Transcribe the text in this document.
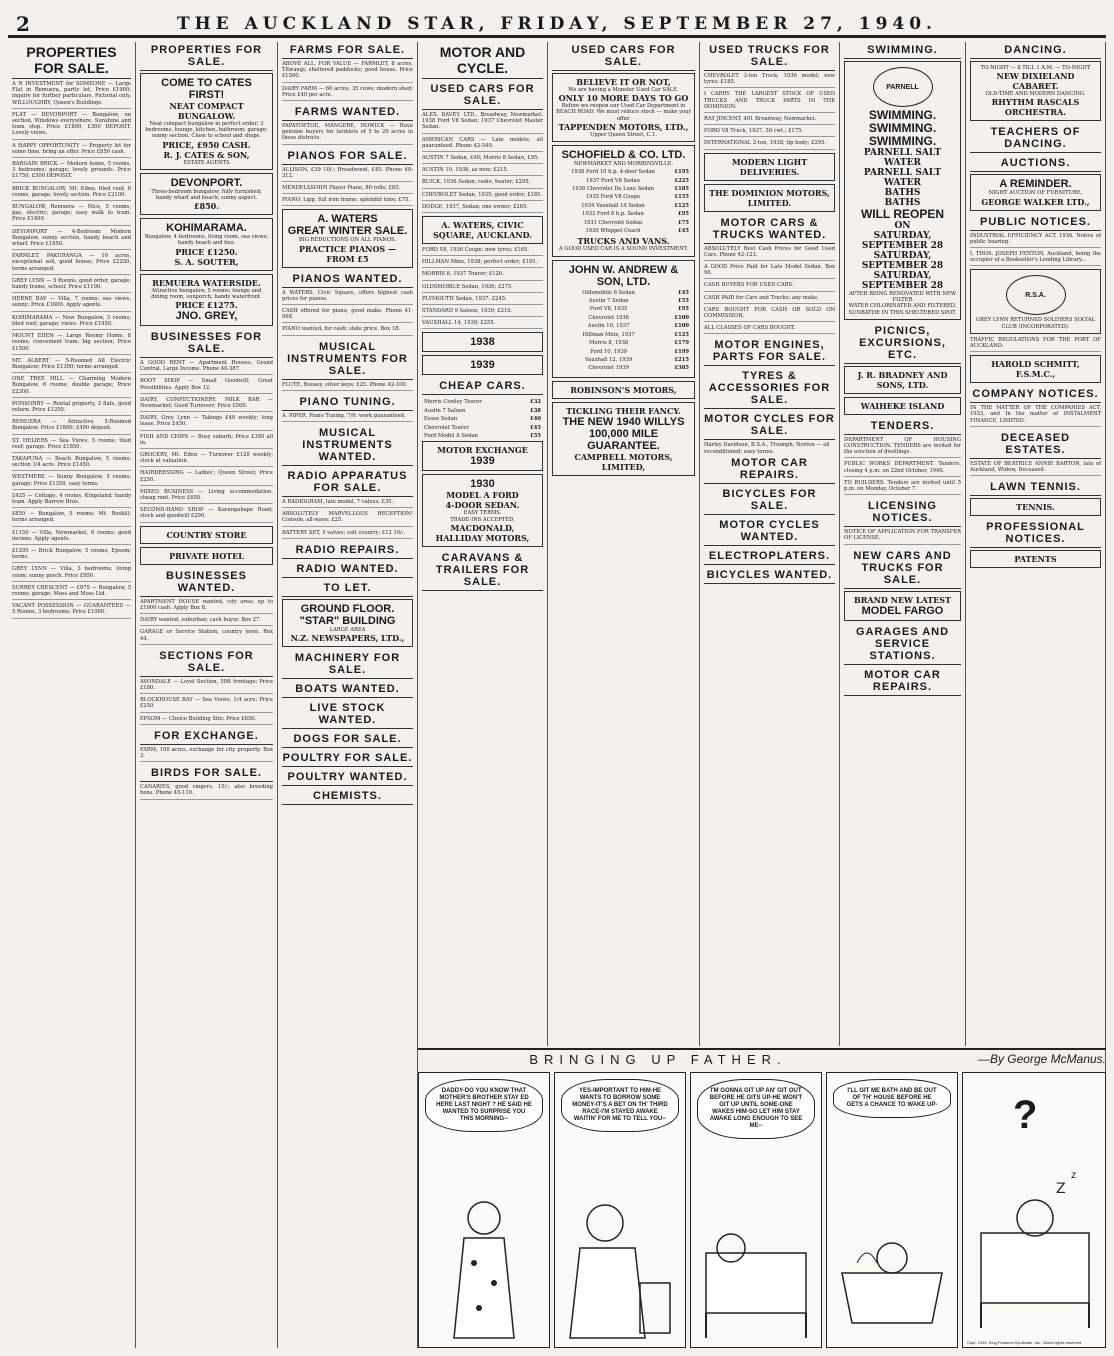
2	THE AUCKLAND STAR, FRIDAY, SEPTEMBER 27, 1940.
PROPERTIES FOR SALE.
A N INVESTMENT for SOMEONE — Large Flat in Remuera, partly let, Price £1900; inquire for further particulars. Pictorial only. WILLOUGHBY, Queen's Buildings.
FLAT — DEVONPORT — Bungalow, on section, Windows everywhere. Sunshine and tram stop. Price £1800, £300 DEPOSIT. Lovely views.
A HAPPY OPPORTUNITY — Property let for some time; bring an offer. Price £850 cash.
BARGAIN BRICK — Modern home, 5 rooms, 3 bedrooms; garage; lovely grounds. Price £1750, £500 DEPOSIT.
BRICK BUNGALOW, Mt. Eden; tiled roof, 6 rooms, garage; lovely section. Price £2100.
BUNGALOW, Remuera — Nice, 5 rooms, gas, electric; garage; easy walk to tram. Price £1400.
DEVONPORT — 4-Bedroom Modern Bungalow, sunny section, handy beach and wharf. Price £1650.
FARMLET, PAKURANGA — 10 acres, exceptional soil, good house; Price £2250, terms arranged.
GREY LYNN — 5 Rooms, good order, garage; handy trams, school; Price £1100.
HERNE BAY — Villa, 7 rooms; sea views, sunny; Price £1600. Apply agents.
KOHIMARAMA — New Bungalow, 5 rooms; tiled roof; garage; views. Price £1950.
MOUNT EDEN — Large Roomy Home, 8 rooms; convenient tram; big section; Price £1500.
MT. ALBERT — 5-Roomed All Electric Bungalow; Price £1300; terms arranged.
ONE TREE HILL — Charming Modern Bungalow, 6 rooms; double garage; Price £2300.
PONSONBY — Rental property, 2 flats, good return. Price £1250.
REMUERA — Attractive 5-Roomed Bungalow. Price £1800; £400 deposit.
ST. HELIERS — Sea Views, 5 rooms; tiled roof; garage. Price £1850.
TAKAPUNA — Beach Bungalow, 5 rooms; section 1/4 acre. Price £1450.
WESTMERE — Sunny Bungalow, 5 rooms; garage; Price £1350, easy terms.
£425 — Cottage, 4 rooms, Kingsland; handy tram. Apply Barrow Bros.
£850 — Bungalow, 5 rooms; Mt. Roskill; terms arranged.
£1150 — Villa, Newmarket, 6 rooms; good income. Apply agents.
£1295 — Brick Bungalow, 5 rooms; Epsom; terms.
GREY LYNN — Villa, 3 bedrooms; living room; sunny porch. Price £950.
SURREY CRESCENT — £975 — Bungalow, 5 rooms; garage; Moss and Moss Ltd.
VACANT POSSESSION — GUARANTEED — 5 Rooms, 3 bedrooms; Price £1000.
PROPERTIES FOR SALE.
COME TO CATES FIRST!
NEAT COMPACT BUNGALOW.
Neat compact bungalow in perfect order; 3 bedrooms, lounge, kitchen, bathroom; garage; sunny section. Close to school and shops.
PRICE, £950 CASH.
R. J. CATES & SON,
ESTATE AGENTS
DEVONPORT.
Three-bedroom bungalow, fully furnished; handy wharf and beach; sunny aspect.
£850.
KOHIMARAMA.
Bungalow, 4 bedrooms, living room, sea views; handy beach and bus.
PRICE £1250.
S. A. SOUTER,
REMUERA WATERSIDE.
Attractive bungalow, 5 rooms; lounge and dining room, sunporch; handy waterfront.
PRICE £1275.
JNO. GREY,
BUSINESSES FOR SALE.
A GOOD RENT — Apartment Houses, Grand Central, Large Income. Phone 40-387.
BOOT SHOP — Small Goodwill; Great Possibilities. Apply Box 12.
DAIRY, CONFECTIONERY, MILK BAR — Newmarket; Good Turnover; Price £500.
DAIRY, Grey Lynn — Takings £40 weekly; long lease. Price £450.
FISH AND CHIPS — Busy suburb; Price £350 all in.
GROCERY, Mt. Eden — Turnover £120 weekly; stock at valuation.
HAIRDRESSING — Ladies'; Queen Street; Price £250.
MIXED BUSINESS — Living accommodation, cheap rent. Price £650.
SECOND-HAND SHOP — Karangahape Road; stock and goodwill £200.
COUNTRY STORE
PRIVATE HOTEL
BUSINESSES WANTED.
APARTMENT HOUSE wanted, city area; up to £1000 cash. Apply Box 8.
DAIRY wanted, suburban; cash buyer. Box 27.
GARAGE or Service Station, country town. Box 44.
SECTIONS FOR SALE.
AVONDALE — Level Section, 50ft frontage; Price £180.
BLOCKHOUSE BAY — Sea Views, 1/4 acre; Price £250.
EPSOM — Choice Building Site; Price £650.
FOR EXCHANGE.
FARM, 100 acres, exchange for city property. Box 3.
BIRDS FOR SALE.
CANARIES, good singers, 15/-; also breeding hens. Phone 45-110.
FARMS FOR SALE.
ABOVE ALL, FOR VALUE — FARMLET, 8 acres, Titirangi; sheltered paddocks; good house. Price £1500.
DAIRY FARM — 60 acres; 35 cows; modern shed; Price £40 per acre.
FARMS WANTED.
PAPATOETOE, MANGERE, HOWICK — Have genuine buyers for farmlets of 5 to 20 acres in these districts.
PIANOS FOR SALE.
ALLISON, £39 10/-; Broadwood, £45. Phone 40-312.
MENDELSSOHN Player Piano, 80 rolls; £85.
PIANO, Lipp, full iron frame; splendid tone; £75.
A. WATERS
GREAT WINTER SALE.
BIG REDUCTIONS ON ALL PIANOS.
PRACTICE PIANOS — FROM £5
PIANOS WANTED.
A WATERS, Civic Square, offers highest cash prices for pianos.
CASH offered for piano, good make. Phone 41-998.
PIANO wanted, for cash; state price. Box 18.
MUSICAL INSTRUMENTS FOR SALE.
FLUTE, Boosey, silver keys; £25. Phone 42-100.
PIANO TUNING.
A. PIPER, Piano Tuning, 7/6; work guaranteed.
MUSICAL INSTRUMENTS WANTED.
RADIO APPARATUS FOR SALE.
A RADIOGRAM, late model, 7 valves; £35.
ABSOLUTELY MARVELLOUS RECEPTION! Console, all-wave; £25.
BATTERY SET, 5 valves; suit country; £12 10/-.
RADIO REPAIRS.
RADIO WANTED.
TO LET.
GROUND FLOOR.
"STAR" BUILDING
LARGE AREA
N.Z. NEWSPAPERS, LTD.,
MACHINERY FOR SALE.
BOATS WANTED.
LIVE STOCK WANTED.
DOGS FOR SALE.
POULTRY FOR SALE.
POULTRY WANTED.
CHEMISTS.
MOTOR AND CYCLE.
USED CARS FOR SALE.
ALEX. DAVEY, LTD., Broadway, Newmarket. 1938 Ford V8 Sedan; 1937 Chevrolet Master Sedan.
AMERICAN CARS — Late models; all guaranteed. Phone 42-540.
AUSTIN 7 Sedan, £40; Morris 8 Sedan, £95.
AUSTIN 10, 1938, as new; £215.
BUICK, 1936 Sedan; radio, heater; £295.
CHEVROLET Sedan, 1935; good order; £185.
DODGE, 1937, Sedan; one owner; £265.
A. WATERS, CIVIC SQUARE, AUCKLAND.
FORD V8, 1936 Coupe; new tyres; £165.
HILLMAN Minx, 1938; perfect order; £195.
MORRIS 8, 1937 Tourer; £120.
OLDSMOBILE Sedan, 1936; £275.
PLYMOUTH Sedan, 1937; £245.
STANDARD 9 Saloon, 1939; £210.
VAUXHALL 14, 1938; £255.
1938
1939
CHEAP CARS.
Morris Cowley Tourer	£32
Austin 7 Saloon	£38
Essex Sedan	£40
Chevrolet Tourer	£45
Ford Model A Sedan	£55
MOTOR EXCHANGE
1939
1930
MODEL A FORD
4-DOOR SEDAN.
EASY TERMS.
TRADE-INS ACCEPTED.
MACDONALD, HALLIDAY MOTORS,
CARAVANS & TRAILERS FOR SALE.
USED CARS FOR SALE.
BELIEVE IT OR NOT,
We are having a Monster Used Car SALE.
ONLY 10 MORE DAYS TO GO
Before we reopen our Used Car Department in BEACH ROAD. We must reduce stock — make your offer.
TAPPENDEN MOTORS, LTD.,
Upper Queen Street, C.1.
SCHOFIELD & CO. LTD.
NEWMARKET AND MORRINSVILLE.
1938 Ford 10 h.p. 4-door Sedan	£195
1937 Ford V8 Sedan	£225
1936 Chevrolet De Luxe Sedan	£185
1935 Ford V8 Coupe	£155
1934 Vauxhall 14 Sedan	£125
1933 Ford 8 h.p. Sedan	£95
1931 Chevrolet Sedan	£75
1930 Whippet Coach	£45
TRUCKS AND VANS.
A GOOD USED CAR IS A SOUND INVESTMENT.
JOHN W. ANDREW & SON, LTD.
Oldsmobile 6 Sedan	£45
Austin 7 Sedan	£55
Ford V8, 1935	£95
Chevrolet 1936	£100
Austin 10, 1937	£100
Hillman Minx, 1937	£125
Morris 8, 1938	£179
Ford 10, 1939	£199
Vauxhall 12, 1939	£215
Chevrolet 1939	£385
ROBINSON'S MOTORS,
TICKLING THEIR FANCY.
THE NEW 1940 WILLYS
100,000 MILE GUARANTEE.
CAMPBELL MOTORS, LIMITED,
USED TRUCKS FOR SALE.
CHEVROLET 3-ton Truck, 1936 model; new tyres; £185.
I CARRY THE LARGEST STOCK OF USED TRUCKS AND TRUCK PARTS IN THE DOMINION.
RAY JINCENT, 401 Broadway, Newmarket.
FORD V8 Truck, 1937, 30 cwt.; £175.
INTERNATIONAL 2-ton, 1938; tip body; £295.
MODERN LIGHT DELIVERIES.
THE DOMINION MOTORS, LIMITED.
MOTOR CARS & TRUCKS WANTED.
ABSOLUTELY Best Cash Prices for Good Used Cars. Phone 42-123.
A GOOD Price Paid for Late Model Sedan. Box 90.
CASH BUYERS FOR USED CARS.
CASH PAID for Cars and Trucks; any make.
CARS BOUGHT FOR CASH OR SOLD ON COMMISSION.
ALL CLASSES OF CARS BOUGHT.
MOTOR ENGINES, PARTS FOR SALE.
TYRES & ACCESSORIES FOR SALE.
MOTOR CYCLES FOR SALE.
Harley Davidson, B.S.A., Triumph, Norton — all reconditioned; easy terms.
MOTOR CAR REPAIRS.
BICYCLES FOR SALE.
MOTOR CYCLES WANTED.
ELECTROPLATERS.
BICYCLES WANTED.
SWIMMING.
PARNELL
SWIMMING.
SWIMMING.
SWIMMING.
PARNELL SALT WATER
PARNELL SALT WATER
BATHS
BATHS
WILL REOPEN
ON
SATURDAY, SEPTEMBER 28
SATURDAY, SEPTEMBER 28
SATURDAY, SEPTEMBER 28
AFTER BEING RENOVATED WITH NEW FILTER
WATER CHLORINATED AND FILTERED.
SUNBATHE IN THIS SHELTERED SPOT.
PICNICS, EXCURSIONS, ETC.
J. R. BRADNEY AND SONS, LTD.
WAIHEKE ISLAND
TENDERS.
DEPARTMENT OF HOUSING CONSTRUCTION. TENDERS are invited for the erection of dwellings.
PUBLIC WORKS DEPARTMENT. Tenders, closing 4 p.m. on 22nd October, 1940.
TO BUILDERS. Tenders are invited until 5 p.m. on Monday, October 7.
LICENSING NOTICES.
NOTICE OF APPLICATION FOR TRANSFER OF LICENSE.
NEW CARS AND TRUCKS FOR SALE.
BRAND NEW LATEST
MODEL FARGO
GARAGES AND SERVICE STATIONS.
MOTOR CAR REPAIRS.
DANCING.
TO-NIGHT — 8 TILL 1 A.M. — TO-NIGHT
NEW DIXIELAND CABARET.
OLD-TIME AND MODERN DANCING.
RHYTHM RASCALS ORCHESTRA.
TEACHERS OF DANCING.
AUCTIONS.
A REMINDER.
NIGHT AUCTION OF FURNITURE,
GEORGE WALKER LTD.,
PUBLIC NOTICES.
INDUSTRIAL EFFICIENCY ACT, 1936. Notice of public hearing.
I, THOS. JOSEPH FENTON, Auckland, being the occupier of a Bookseller's Lending Library...
R.S.A.
GREY LYNN RETURNED SOLDIERS SOCIAL CLUB (INCORPORATED).
TRAFFIC REGULATIONS FOR THE PORT OF AUCKLAND.
HAROLD SCHMITT, F.S.M.C.,
COMPANY NOTICES.
IN THE MATTER OF THE COMPANIES ACT, 1933, and In the matter of INSTALMENT FINANCE, LIMITED.
DECEASED ESTATES.
ESTATE OF BEATRICE ANNIE BARTON, late of Auckland, Widow, Deceased.
LAWN TENNIS.
TENNIS.
PROFESSIONAL NOTICES.
PATENTS
BRINGING UP FATHER.	—By George McManus.
DADDY-DO YOU KNOW THAT MOTHER'S BROTHER STAY ED HERE LAST NIGHT ? HE SAID HE WANTED TO SURPRISE YOU THIS MORNING--
YES-IMPORTANT TO HIM-HE WANTS TO BORROW SOME MONEY-IT'S A BET ON TH' THIRD RACE-I'M STAYED AWAKE WAITIN' FOR ME TO TELL YOU--
I'M GONNA GIT UP AN' GIT OUT BEFORE HE GITS UP-HE WON'T GIT UP UNTIL SOME-ONE WAKES HIM-SO LET HIM STAY AWAKE LONG ENOUGH TO SEE ME--
I'LL GIT ME BATH AND BE OUT OF TH' HOUSE BEFORE HE GETS A CHANCE TO WAKE UP-	?
Z
z
Copr. 1940, King Features Syndicate, Inc., World rights reserved.
